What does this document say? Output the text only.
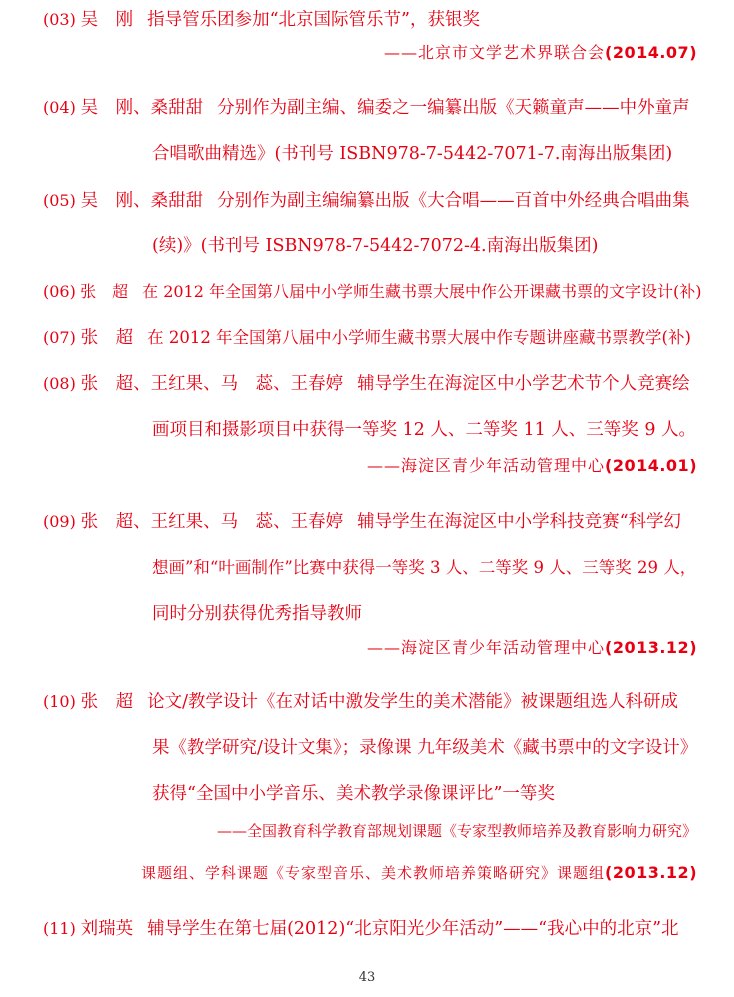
(03) 吴　刚 指导管乐团参加“北京国际管乐节”，获银奖
——北京市文学艺术界联合会(2014.07)
(04) 吴　刚、桑甜甜 分别作为副主编、编委之一编纂出版《天籁童声——中外童声
合唱歌曲精选》(书刊号 ISBN978-7-5442-7071-7.南海出版集团)
(05) 吴　刚、桑甜甜 分别作为副主编编纂出版《大合唱——百首中外经典合唱曲集
(续)》(书刊号 ISBN978-7-5442-7072-4.南海出版集团)
(06) 张　超 在 2012 年全国第八届中小学师生藏书票大展中作公开课藏书票的文字设计(补)
(07) 张　超 在 2012 年全国第八届中小学师生藏书票大展中作专题讲座藏书票教学(补)
(08) 张　超、王红果、马　蕊、王春婷 辅导学生在海淀区中小学艺术节个人竞赛绘
画项目和摄影项目中获得一等奖 12 人、二等奖 11 人、三等奖 9 人。
——海淀区青少年活动管理中心(2014.01)
(09) 张　超、王红果、马　蕊、王春婷 辅导学生在海淀区中小学科技竞赛“科学幻
想画”和“叶画制作”比赛中获得一等奖 3 人、二等奖 9 人、三等奖 29 人，
同时分别获得优秀指导教师
——海淀区青少年活动管理中心(2013.12)
(10) 张　超 论文/教学设计《在对话中激发学生的美术潜能》被课题组选人科研成
果《教学研究/设计文集》；录像课 九年级美术《藏书票中的文字设计》
获得“全国中小学音乐、美术教学录像课评比”一等奖
——全国教育科学教育部规划课题《专家型教师培养及教育影响力研究》
课题组、学科课题《专家型音乐、美术教师培养策略研究》课题组(2013.12)
(11) 刘瑞英 辅导学生在第七届(2012)“北京阳光少年活动”——“我心中的北京”北
43
